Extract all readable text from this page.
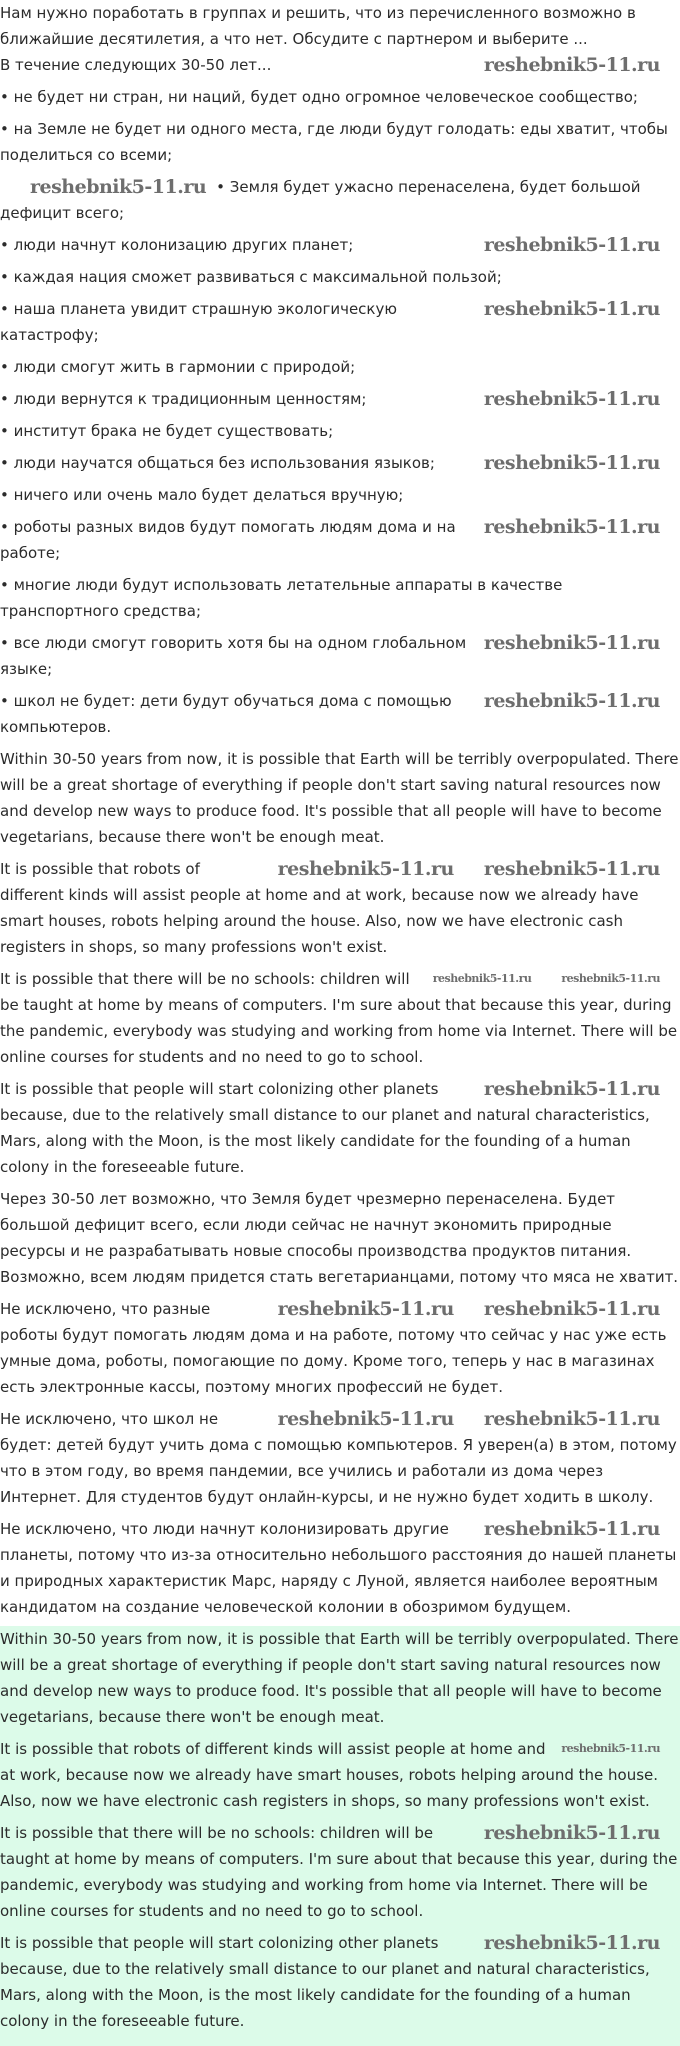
Нам нужно поработать в группах и решить, что из перечисленного возможно в

ближайшие десятилетия, а что нет. Обсудите с партнером и выберите ...

reshebnik5-11.ru
В течение следующих 30-50 лет...

• не будет ни стран, ни наций, будет одно огромное человеческое сообщество;

• на Земле не будет ни одного места, где люди будут голодать: еды хватит, чтобы поделиться со всеми;

reshebnik5-11.ru • Земля будет ужасно перенаселена, будет большой дефицит всего;

reshebnik5-11.ru
• люди начнут колонизацию других планет;

• каждая нация сможет развиваться с максимальной пользой;

reshebnik5-11.ru
• наша планета увидит страшную экологическую катастрофу;

• люди смогут жить в гармонии с природой;

reshebnik5-11.ru
• люди вернутся к традиционным ценностям;

• институт брака не будет существовать;

reshebnik5-11.ru
• люди научатся общаться без использования языков;

• ничего или очень мало будет делаться вручную;

reshebnik5-11.ru
• роботы разных видов будут помогать людям дома и на работе;

• многие люди будут использовать летательные аппараты в качестве транспортного средства;

reshebnik5-11.ru
• все люди смогут говорить хотя бы на одном глобальном языке;

reshebnik5-11.ru
• школ не будет: дети будут обучаться дома с помощью компьютеров.

Within 30-50 years from now, it is possible that Earth will be terribly overpopulated. There will be a great shortage of everything if people don't start saving natural resources now and develop new ways to produce food. It's possible that all people will have to become vegetarians, because there won't be enough meat.

reshebnik5-11.ru
reshebnik5-11.ru
It is possible that robots of different kinds will assist people at home and at work, because now we already have smart houses, robots helping around the house. Also, now we have electronic cash registers in shops, so many professions won't exist.

reshebnik5-11.ru
reshebnik5-11.ru
It is possible that there will be no schools: children will be taught at home by means of computers. I'm sure about that because this year, during the pandemic, everybody was studying and working from home via Internet. There will be online courses for students and no need to go to school.

reshebnik5-11.ru
It is possible that people will start colonizing other planets because, due to the relatively small distance to our planet and natural characteristics, Mars, along with the Moon, is the most likely candidate for the founding of a human colony in the foreseeable future.

Через 30-50 лет возможно, что Земля будет чрезмерно перенаселена. Будет большой дефицит всего, если люди сейчас не начнут экономить природные ресурсы и не разрабатывать новые способы производства продуктов питания. Возможно, всем людям придется стать вегетарианцами, потому что мяса не хватит.

reshebnik5-11.ru
reshebnik5-11.ru
Не исключено, что разные роботы будут помогать людям дома и на работе, потому что сейчас у нас уже есть умные дома, роботы, помогающие по дому. Кроме того, теперь у нас в магазинах есть электронные кассы, поэтому многих профессий не будет.

reshebnik5-11.ru
reshebnik5-11.ru
Не исключено, что школ не будет: детей будут учить дома с помощью компьютеров. Я уверен(а) в этом, потому что в этом году, во время пандемии, все учились и работали из дома через Интернет. Для студентов будут онлайн-курсы, и не нужно будет ходить в школу.

reshebnik5-11.ru
Не исключено, что люди начнут колонизировать другие планеты, потому что из-за относительно небольшого расстояния до нашей планеты и природных характеристик Марс, наряду с Луной, является наиболее вероятным кандидатом на создание человеческой колонии в обозримом будущем.

Within 30-50 years from now, it is possible that Earth will be terribly overpopulated. There will be a great shortage of everything if people don't start saving natural resources now and develop new ways to produce food. It's possible that all people will have to become vegetarians, because there won't be enough meat.

reshebnik5-11.ru
It is possible that robots of different kinds will assist people at home and at work, because now we already have smart houses, robots helping around the house. Also, now we have electronic cash registers in shops, so many professions won't exist.

reshebnik5-11.ru
It is possible that there will be no schools: children will be taught at home by means of computers. I'm sure about that because this year, during the pandemic, everybody was studying and working from home via Internet. There will be online courses for students and no need to go to school.

reshebnik5-11.ru
It is possible that people will start colonizing other planets because, due to the relatively small distance to our planet and natural characteristics, Mars, along with the Moon, is the most likely candidate for the founding of a human colony in the foreseeable future.
